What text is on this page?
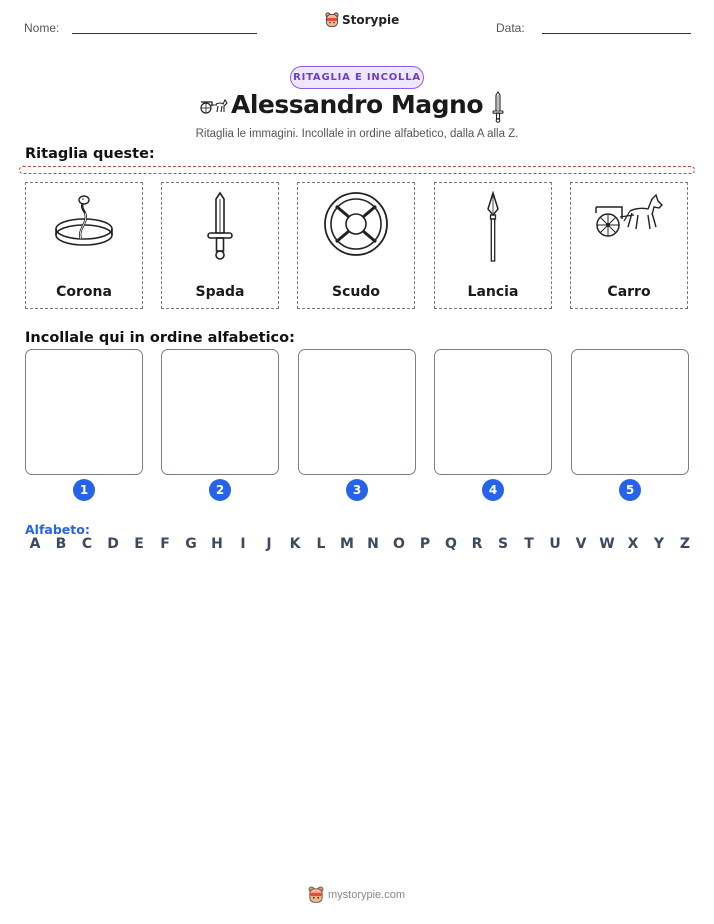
Nome:
Storypie
Data:
RITAGLIA E INCOLLA
Alessandro Magno
Ritaglia le immagini. Incollale in ordine alfabetico, dalla A alla Z.
Ritaglia queste:
Corona	Spada	Scudo	Lancia	Carro
Incollale qui in ordine alfabetico:
1	2	3	4	5
Alfabeto:
A	B	C	D	E	F	G	H	I	J	K	L	M N O	P	Q	R	S	T	U	V W X	Y	Z
mystorypie.com
